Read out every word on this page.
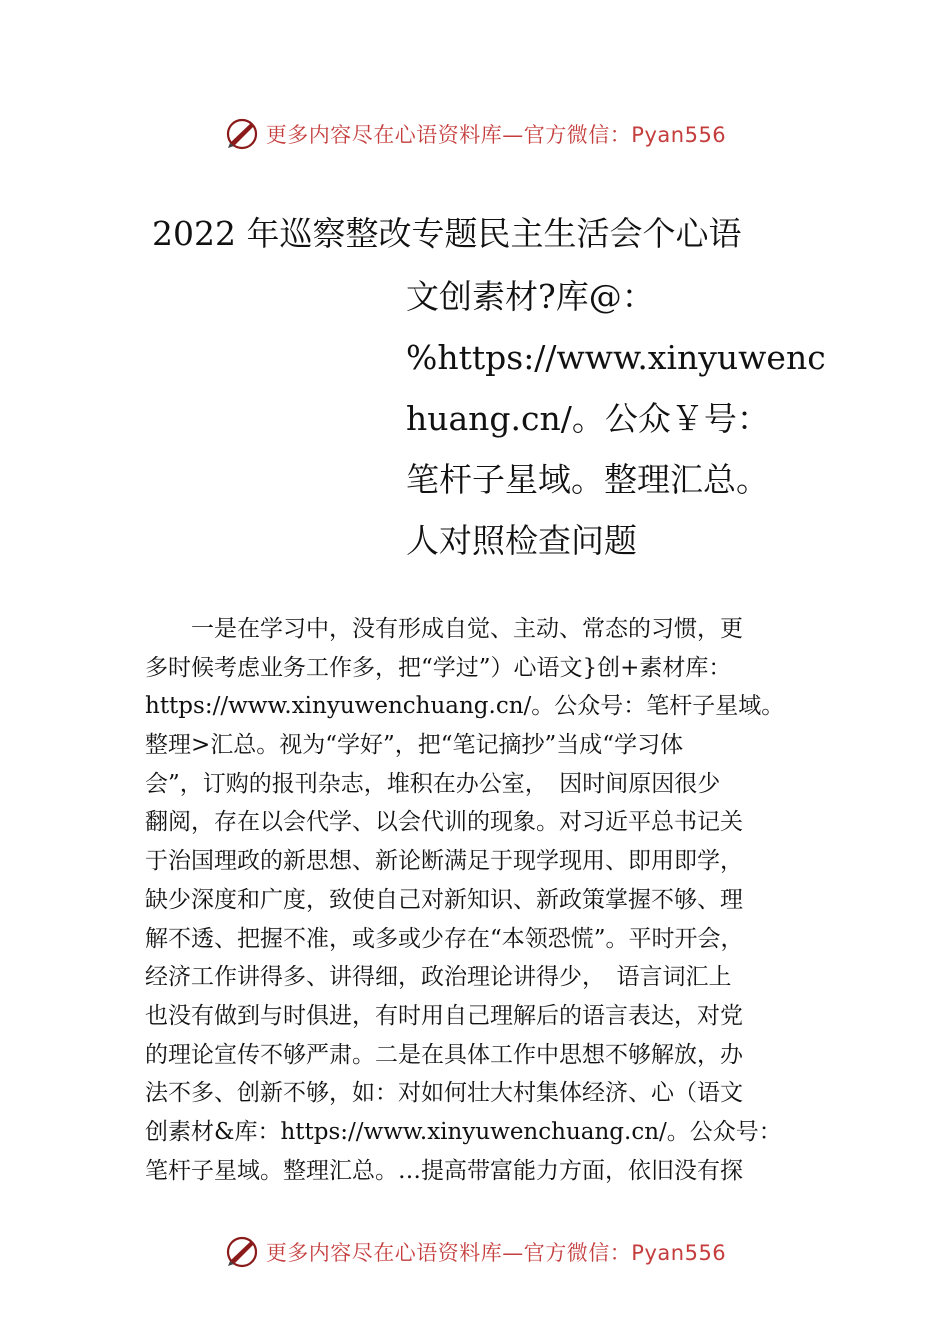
更多内容尽在心语资料库—官方微信：Pyan556
2022 年巡察整改专题民主生活会个心语
文创素材?库@：
%https://www.xinyuwenc
huang.cn/。公众￥号：
笔杆子星域。整理汇总。
人对照检查问题
　　一是在学习中，没有形成自觉、主动、常态的习惯，更
多时候考虑业务工作多，把“学过”）心语文}创+素材库：
https://www.xinyuwenchuang.cn/。公众号：笔杆子星域。
整理>汇总。视为“学好”，把“笔记摘抄”当成“学习体
会”，订购的报刊杂志，堆积在办公室，　因时间原因很少
翻阅，存在以会代学、以会代训的现象。对习近平总书记关
于治国理政的新思想、新论断满足于现学现用、即用即学，
缺少深度和广度，致使自己对新知识、新政策掌握不够、理
解不透、把握不准，或多或少存在“本领恐慌”。平时开会，
经济工作讲得多、讲得细，政治理论讲得少，　语言词汇上
也没有做到与时俱进，有时用自己理解后的语言表达，对党
的理论宣传不够严肃。二是在具体工作中思想不够解放，办
法不多、创新不够，如：对如何壮大村集体经济、心（语文
创素材&库：https://www.xinyuwenchuang.cn/。公众号：
笔杆子星域。整理汇总。…提高带富能力方面，依旧没有探
更多内容尽在心语资料库—官方微信：Pyan556
